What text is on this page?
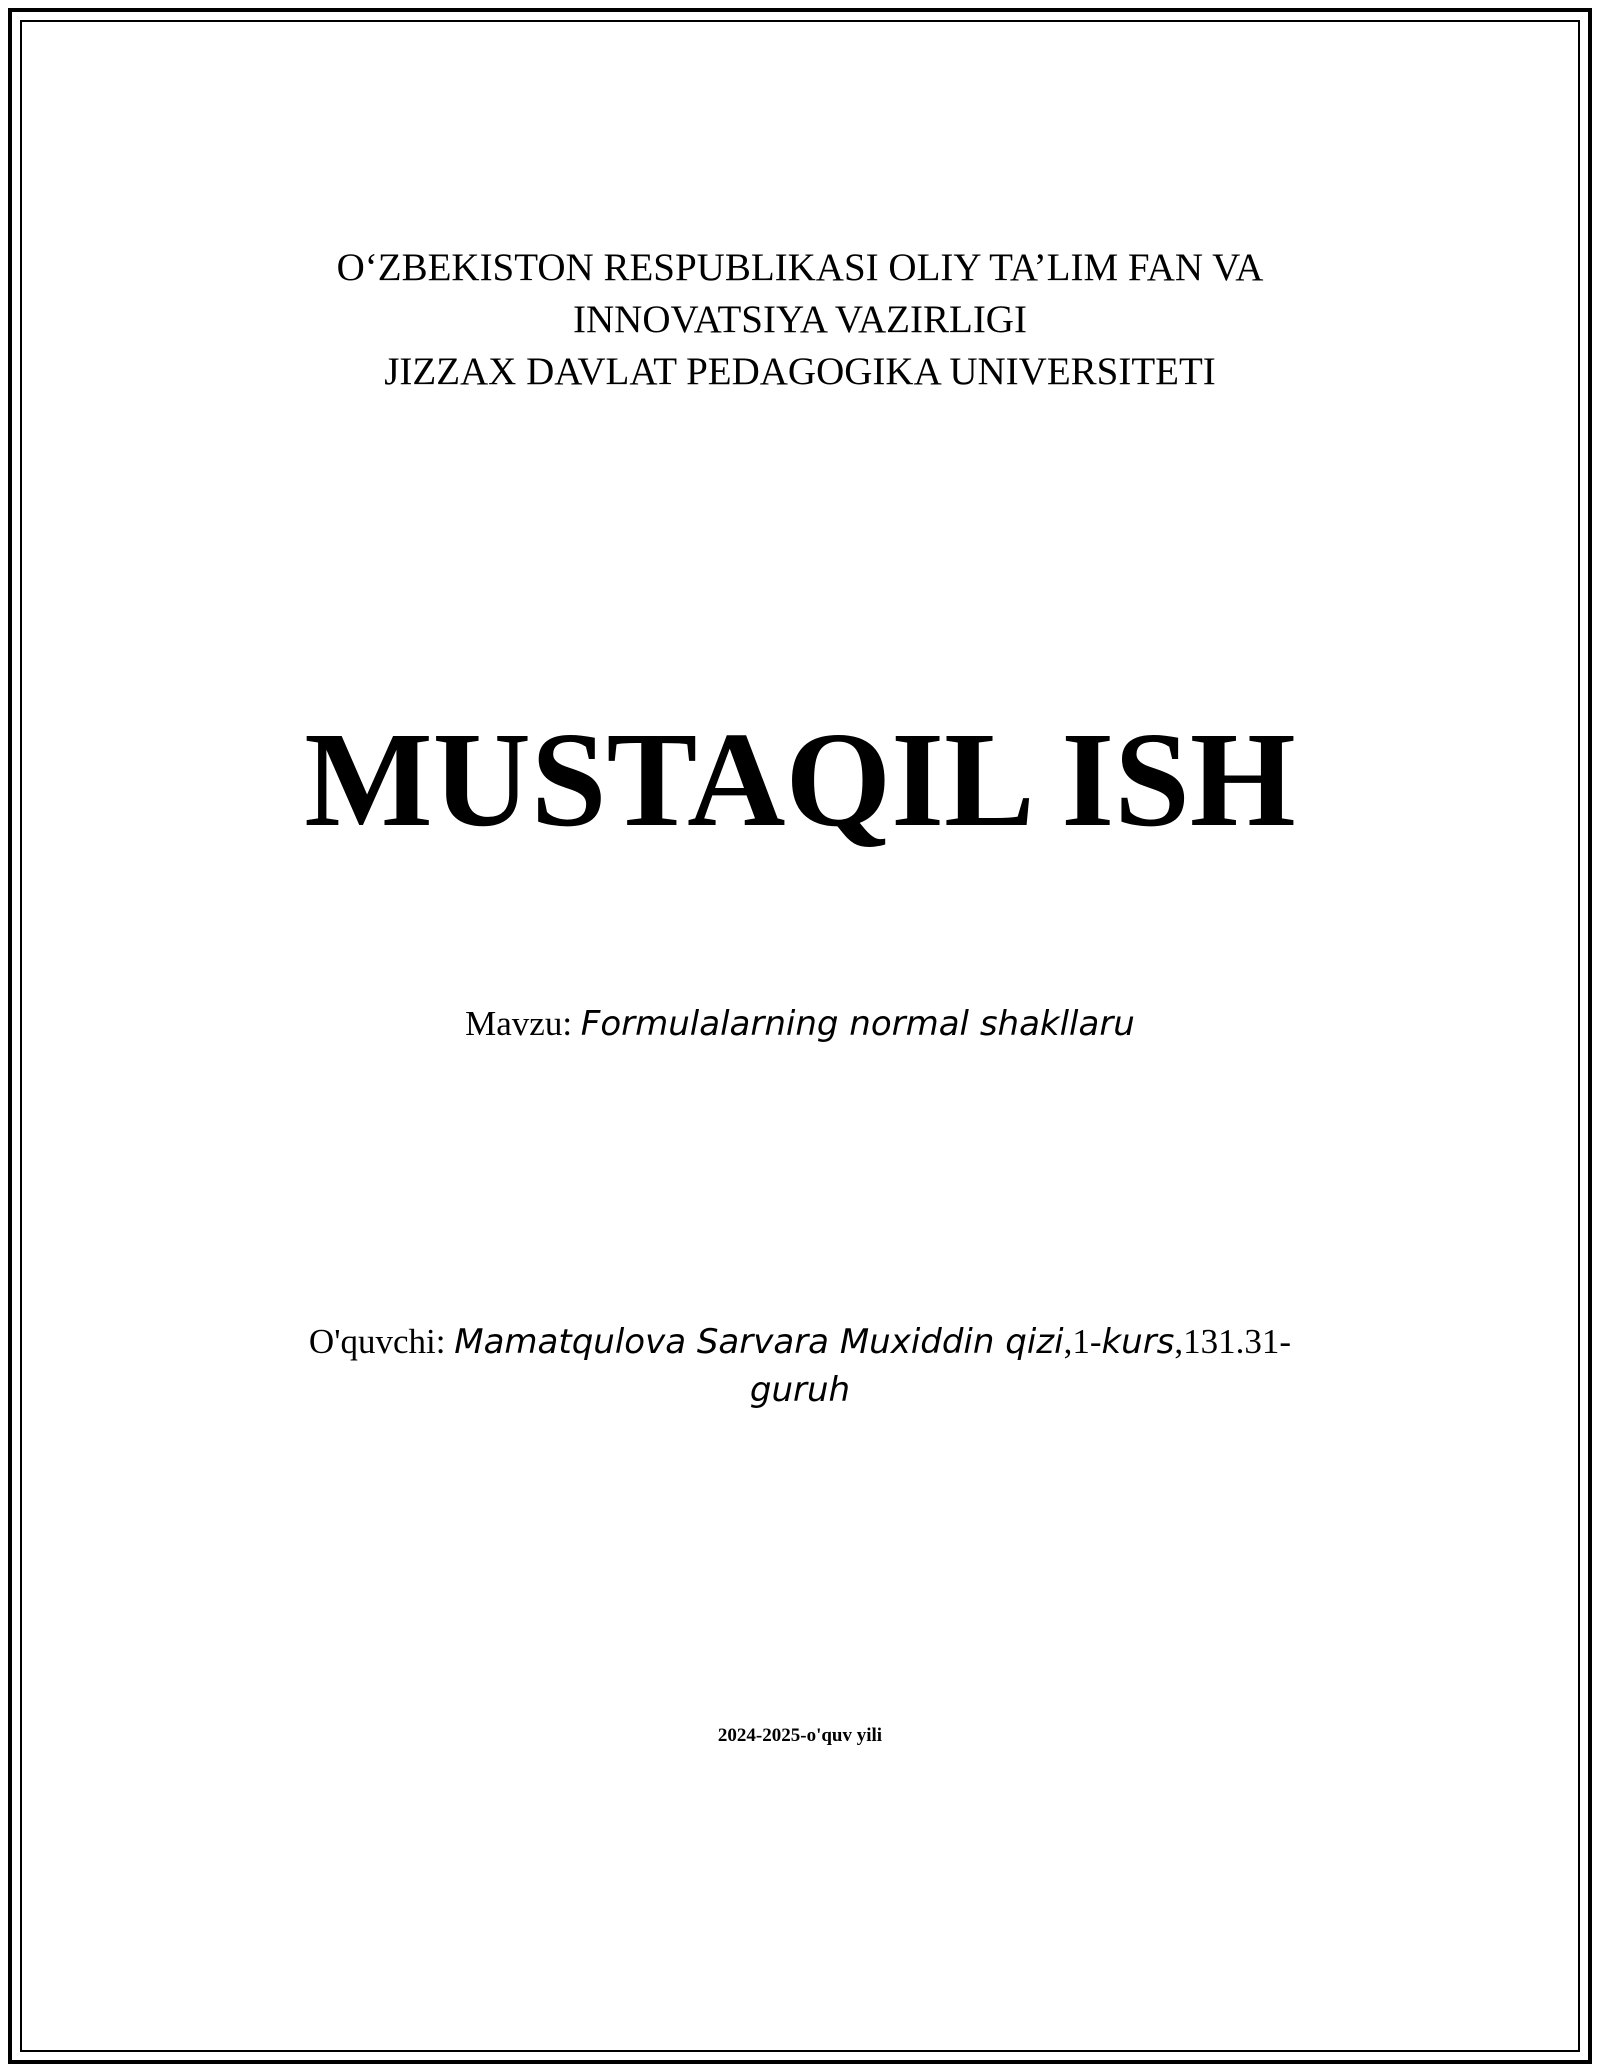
O‘ZBEKISTON RESPUBLIKASI OLIY TA’LIM FAN VA
INNOVATSIYA VAZIRLIGI
JIZZAX DAVLAT PEDAGOGIKA UNIVERSITETI
MUSTAQIL ISH
Mavzu: Formulalarning normal shakllaru
O'quvchi: Mamatqulova Sarvara Muxiddin qizi,1-kurs,131.31-
guruh
2024-2025-o'quv yili
